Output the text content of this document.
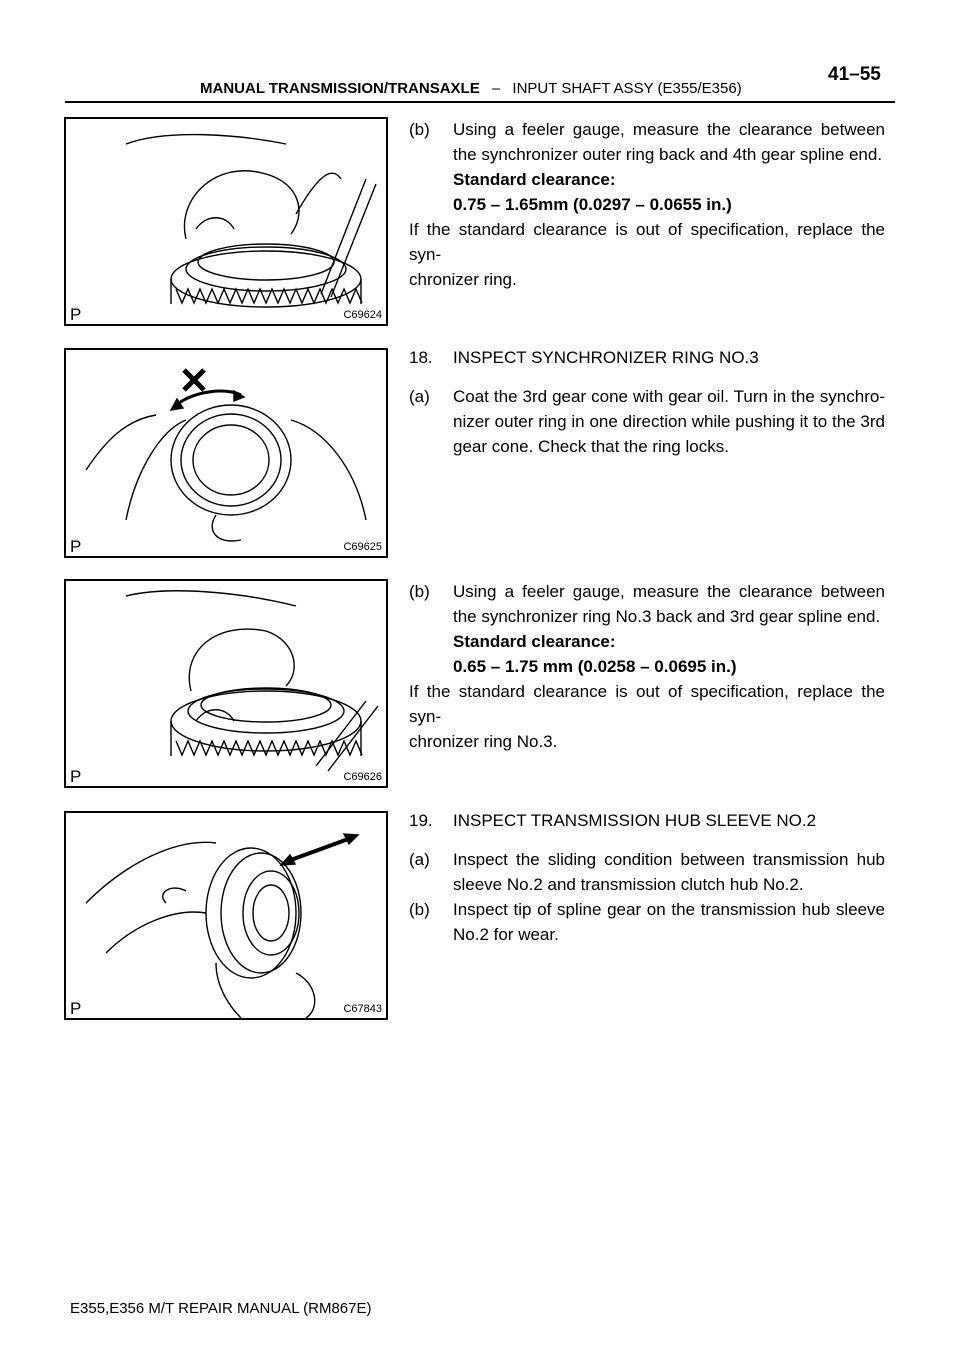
MANUAL TRANSMISSION/TRANSAXLE – INPUT SHAFT ASSY (E355/E356)
41–55
P	C69624
P	C69625
P	C69626
P	C67843
(b)	Using a feeler gauge, measure the clearance between
the synchronizer outer ring back and 4th gear spline end.
Standard clearance:
0.75 – 1.65mm (0.0297 – 0.0655 in.)
If the standard clearance is out of specification, replace the syn-
chronizer ring.
18.	INSPECT SYNCHRONIZER RING NO.3
(a)	Coat the 3rd gear cone with gear oil. Turn in the synchro-
nizer outer ring in one direction while pushing it to the 3rd
gear cone. Check that the ring locks.
(b)	Using a feeler gauge, measure the clearance between
the synchronizer ring No.3 back and 3rd gear spline end.
Standard clearance:
0.65 – 1.75 mm (0.0258 – 0.0695 in.)
If the standard clearance is out of specification, replace the syn-
chronizer ring No.3.
19.	INSPECT TRANSMISSION HUB SLEEVE NO.2
(a)	Inspect the sliding condition between transmission hub
sleeve No.2 and transmission clutch hub No.2.
(b)	Inspect tip of spline gear on the transmission hub sleeve
No.2 for wear.
E355,E356 M/T REPAIR MANUAL (RM867E)
